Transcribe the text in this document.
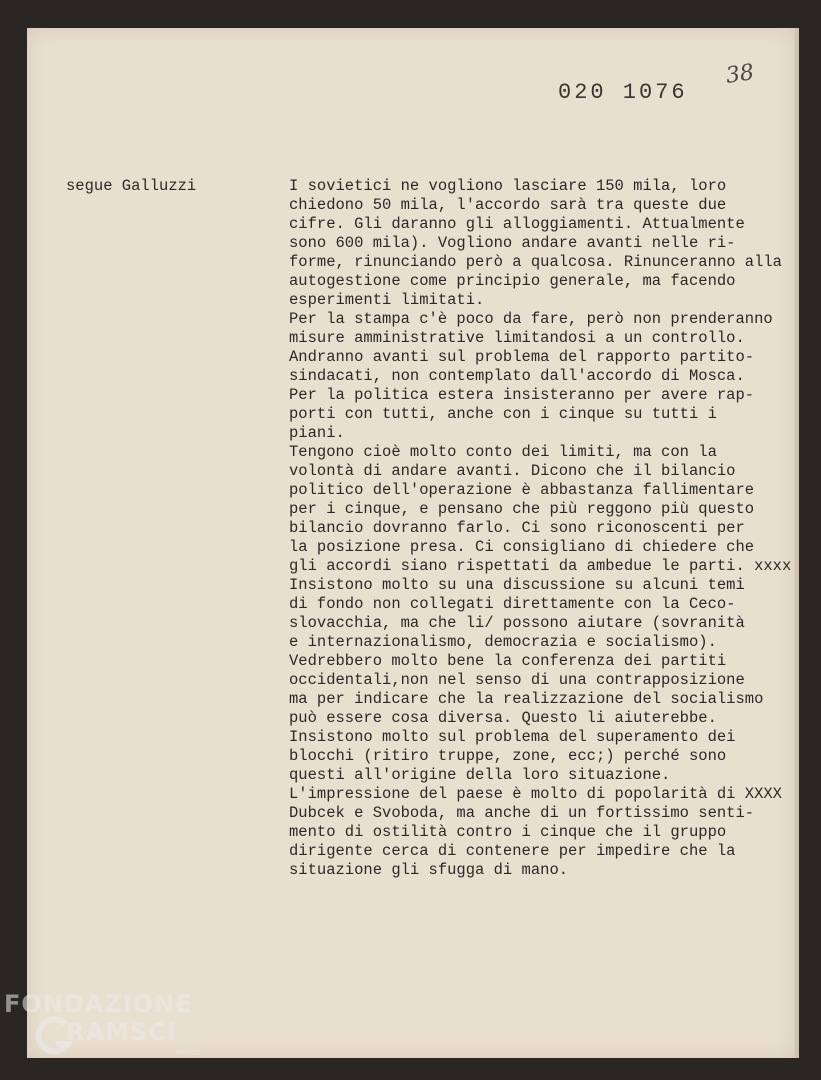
020 1076
38
segue Galluzzi	I sovietici ne vogliono lasciare 150 mila, loro
chiedono 50 mila, l'accordo sarà tra queste due
cifre. Gli daranno gli alloggiamenti. Attualmente
sono 600 mila). Vogliono andare avanti nelle ri-
forme, rinunciando però a qualcosa. Rinunceranno alla
autogestione come principio generale, ma facendo
esperimenti limitati.
Per la stampa c'è poco da fare, però non prenderanno
misure amministrative limitandosi a un controllo.
Andranno avanti sul problema del rapporto partito-
sindacati, non contemplato dall'accordo di Mosca.
Per la politica estera insisteranno per avere rap-
porti con tutti, anche con i cinque su tutti i
piani.
Tengono cioè molto conto dei limiti, ma con la
volontà di andare avanti. Dicono che il bilancio
politico dell'operazione è abbastanza fallimentare
per i cinque, e pensano che più reggono più questo
bilancio dovranno farlo. Ci sono riconoscenti per
la posizione presa. Ci consigliano di chiedere che
gli accordi siano rispettati da ambedue le parti. xxxx
Insistono molto su una discussione su alcuni temi
di fondo non collegati direttamente con la Ceco-
slovacchia, ma che li/ possono aiutare (sovranità
e internazionalismo, democrazia e socialismo).
Vedrebbero molto bene la conferenza dei partiti
occidentali,non nel senso di una contrapposizione
ma per indicare che la realizzazione del socialismo
può essere cosa diversa. Questo li aiuterebbe.
Insistono molto sul problema del superamento dei
blocchi (ritiro truppe, zone, ecc;) perché sono
questi all'origine della loro situazione.
L'impressione del paese è molto di popolarità di XXXX
Dubcek e Svoboda, ma anche di un fortissimo senti-
mento di ostilità contro i cinque che il gruppo
dirigente cerca di contenere per impedire che la
situazione gli sfugga di mano.
FONDAZIONE
RAMSCI
onlus
